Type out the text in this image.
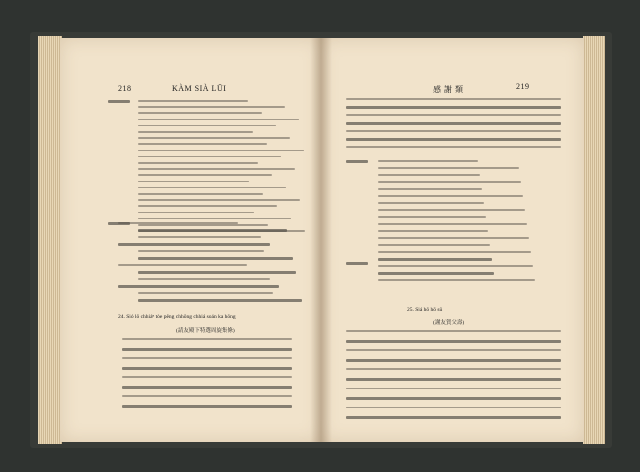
218	KÀM SIÀ LŪI
24. Sió lō chhiáⁿ tòe pêng chhōng chhiá soán ka hōng
(請友殿下特選周旋集條)
感 謝 類	219
25. Siá hō hō sū
(謝友賀父壽)
